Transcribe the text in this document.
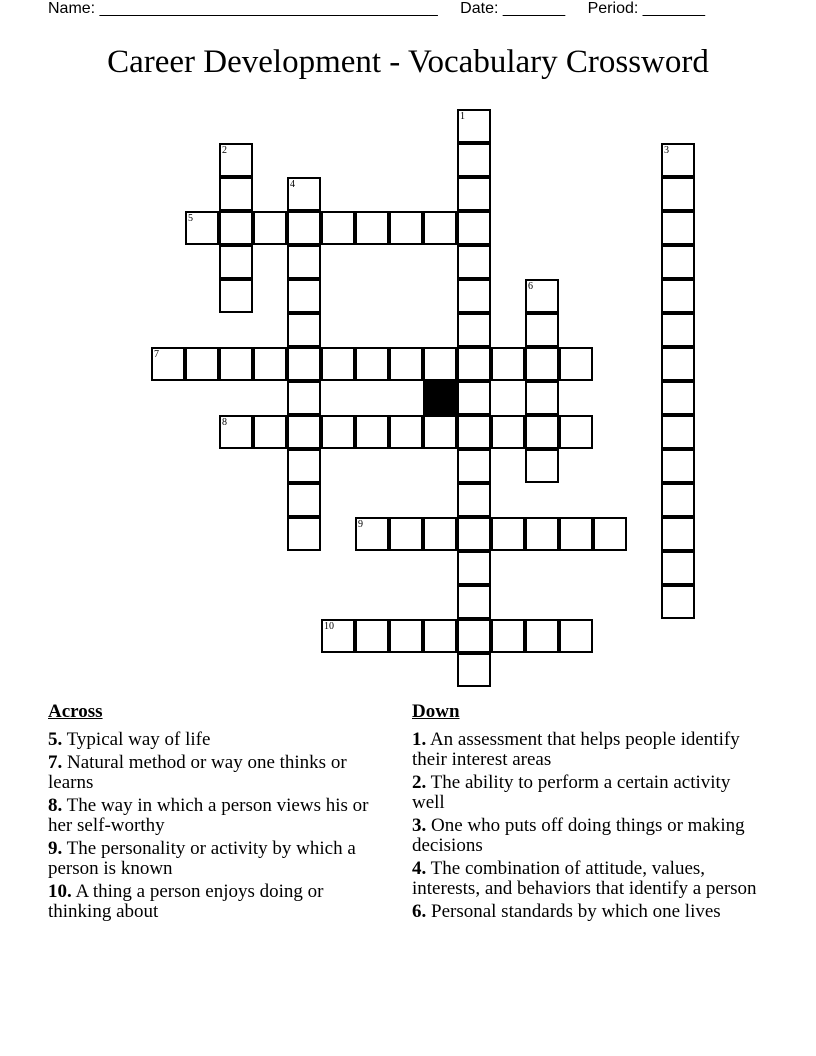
Name: ______________________________________ Date: _______ Period: _______
Career Development - Vocabulary Crossword
1
2	3
4
5
6
7
8
9
10
Across
5. Typical way of life
7. Natural method or way one thinks or learns
8. The way in which a person views his or her self-worthy
9. The personality or activity by which a person is known
10. A thing a person enjoys doing or thinking about
Down
1. An assessment that helps people identify their interest areas
2. The ability to perform a certain activity well
3. One who puts off doing things or making decisions
4. The combination of attitude, values, interests, and behaviors that identify a person
6. Personal standards by which one lives
